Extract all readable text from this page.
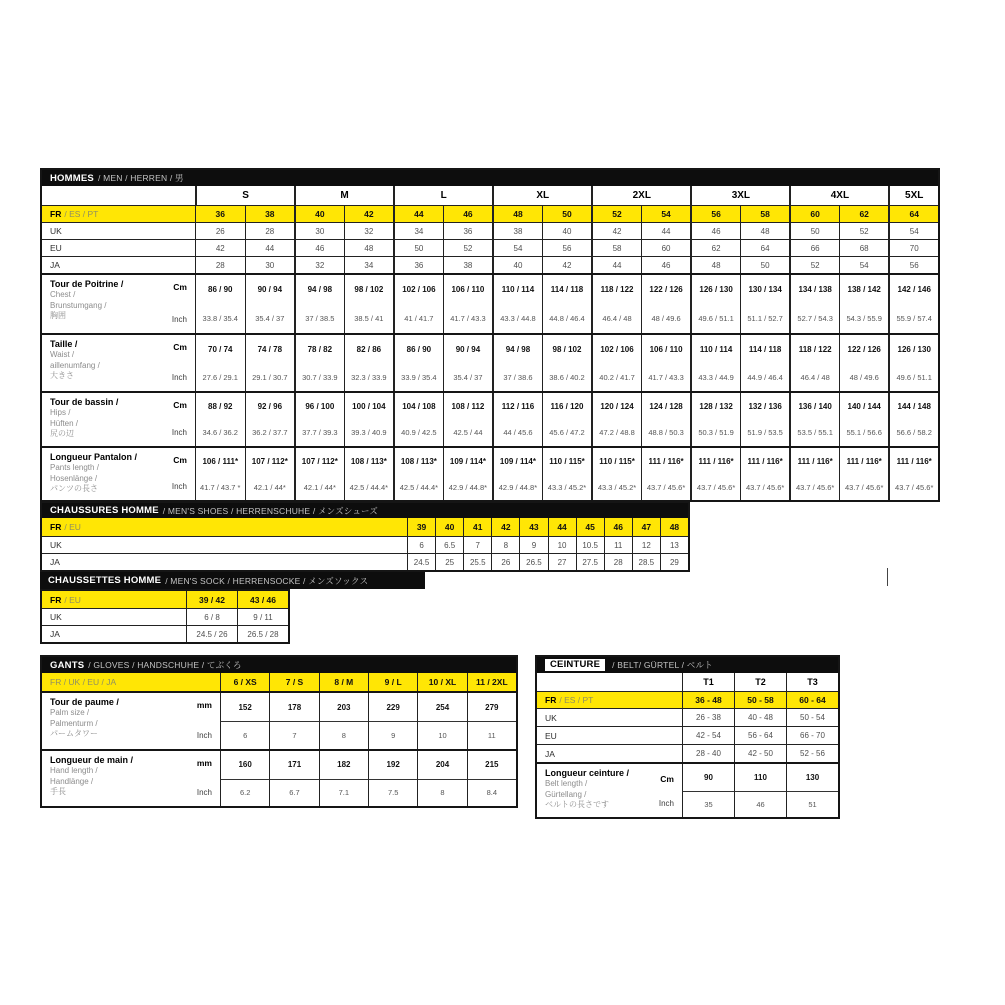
HOMMES / MEN / HERREN / 男
S	M	L	XL	2XL	3XL	4XL	5XL
FR / ES / PT	36	38	40	42	44	46	48	50	52	54	56	58	60	62	64
UK	26	28	30	32	34	36	38	40	42	44	46	48	50	52	54
EU	42	44	46	48	50	52	54	56	58	60	62	64	66	68	70
JA	28	30	32	34	36	38	40	42	44	46	48	50	52	54	56
Tour de Poitrine /
Chest /
Brunstumgang /
胸囲
Cm
Inch
86 / 90	90 / 94	94 / 98	98 / 102	102 / 106	106 / 110	110 / 114	114 / 118	118 / 122	122 / 126	126 / 130	130 / 134	134 / 138	138 / 142	142 / 146
33.8 / 35.4	35.4 / 37	37 / 38.5	38.5 / 41	41 / 41.7	41.7 / 43.3	43.3 / 44.8	44.8 / 46.4	46.4 / 48	48 / 49.6	49.6 / 51.1	51.1 / 52.7	52.7 / 54.3	54.3 / 55.9	55.9 / 57.4
Taille /
Waist /
aillenumfang /
大きさ
Cm
Inch
70 / 74	74 / 78	78 / 82	82 / 86	86 / 90	90 / 94	94 / 98	98 / 102	102 / 106	106 / 110	110 / 114	114 / 118	118 / 122	122 / 126	126 / 130
27.6 / 29.1	29.1 / 30.7	30.7 / 33.9	32.3 / 33.9	33.9 / 35.4	35.4 / 37	37 / 38.6	38.6 / 40.2	40.2 / 41.7	41.7 / 43.3	43.3 / 44.9	44.9 / 46.4	46.4 / 48	48 / 49.6	49.6 / 51.1
Tour de bassin /
Hips /
Hüften /
尻の辺
Cm
Inch
88 / 92	92 / 96	96 / 100	100 / 104	104 / 108	108 / 112	112 / 116	116 / 120	120 / 124	124 / 128	128 / 132	132 / 136	136 / 140	140 / 144	144 / 148
34.6 / 36.2	36.2 / 37.7	37.7 / 39.3	39.3 / 40.9	40.9 / 42.5	42.5 / 44	44 / 45.6	45.6 / 47.2	47.2 / 48.8	48.8 / 50.3	50.3 / 51.9	51.9 / 53.5	53.5 / 55.1	55.1 / 56.6	56.6 / 58.2
Longueur Pantalon /
Pants length /
Hosenlänge /
パンツの長さ
Cm
Inch
106 / 111*	107 / 112*	107 / 112*	108 / 113*	108 / 113*	109 / 114*	109 / 114*	110 / 115*	110 / 115*	111 / 116*	111 / 116*	111 / 116*	111 / 116*	111 / 116*	111 / 116*
41.7 / 43.7 *	42.1 / 44*	42.1 / 44*	42.5 / 44.4*	42.5 / 44.4*	42.9 / 44.8*	42.9 / 44.8*	43.3 / 45.2*	43.3 / 45.2*	43.7 / 45.6*	43.7 / 45.6*	43.7 / 45.6*	43.7 / 45.6*	43.7 / 45.6*	43.7 / 45.6*
CHAUSSURES HOMME / MEN'S SHOES / HERRENSCHUHE / メンズシューズ
FR / EU	39	40	41	42	43	44	45	46	47	48
UK	6	6.5	7	8	9	10	10.5	11	12	13
JA	24.5	25	25.5	26	26.5	27	27.5	28	28.5	29
CHAUSSETTES HOMME / MEN'S SOCK / HERRENSOCKE / メンズソックス
FR / EU	39 / 42	43 / 46
UK	6 / 8	9 / 11
JA	24.5 / 26	26.5 / 28
GANTS / GLOVES / HANDSCHUHE / てぶくろ
FR / UK / EU / JA	6 / XS	7 / S	8 / M	9 / L	10 / XL	11 / 2XL
Tour de paume /
Palm size /
Palmenturm /
パームタワー
mm
Inch
152	178	203	229	254	279
6	7	8	9	10	11
Longueur de main /
Hand length /
Handlänge /
手長
mm
Inch
160	171	182	192	204	215
6.2	6.7	7.1	7.5	8	8.4
CEINTURE	/ BELT/ GÜRTEL / ベルト
T1	T2	T3
FR / ES / PT	36 - 48	50 - 58	60 - 64
UK	26 - 38	40 - 48	50 - 54
EU	42 - 54	56 - 64	66 - 70
JA	28 - 40	42 - 50	52 - 56
Longueur ceinture /
Belt length /
Gürtellang /
ベルトの長さです
Cm
Inch
90	110	130
35	46	51
